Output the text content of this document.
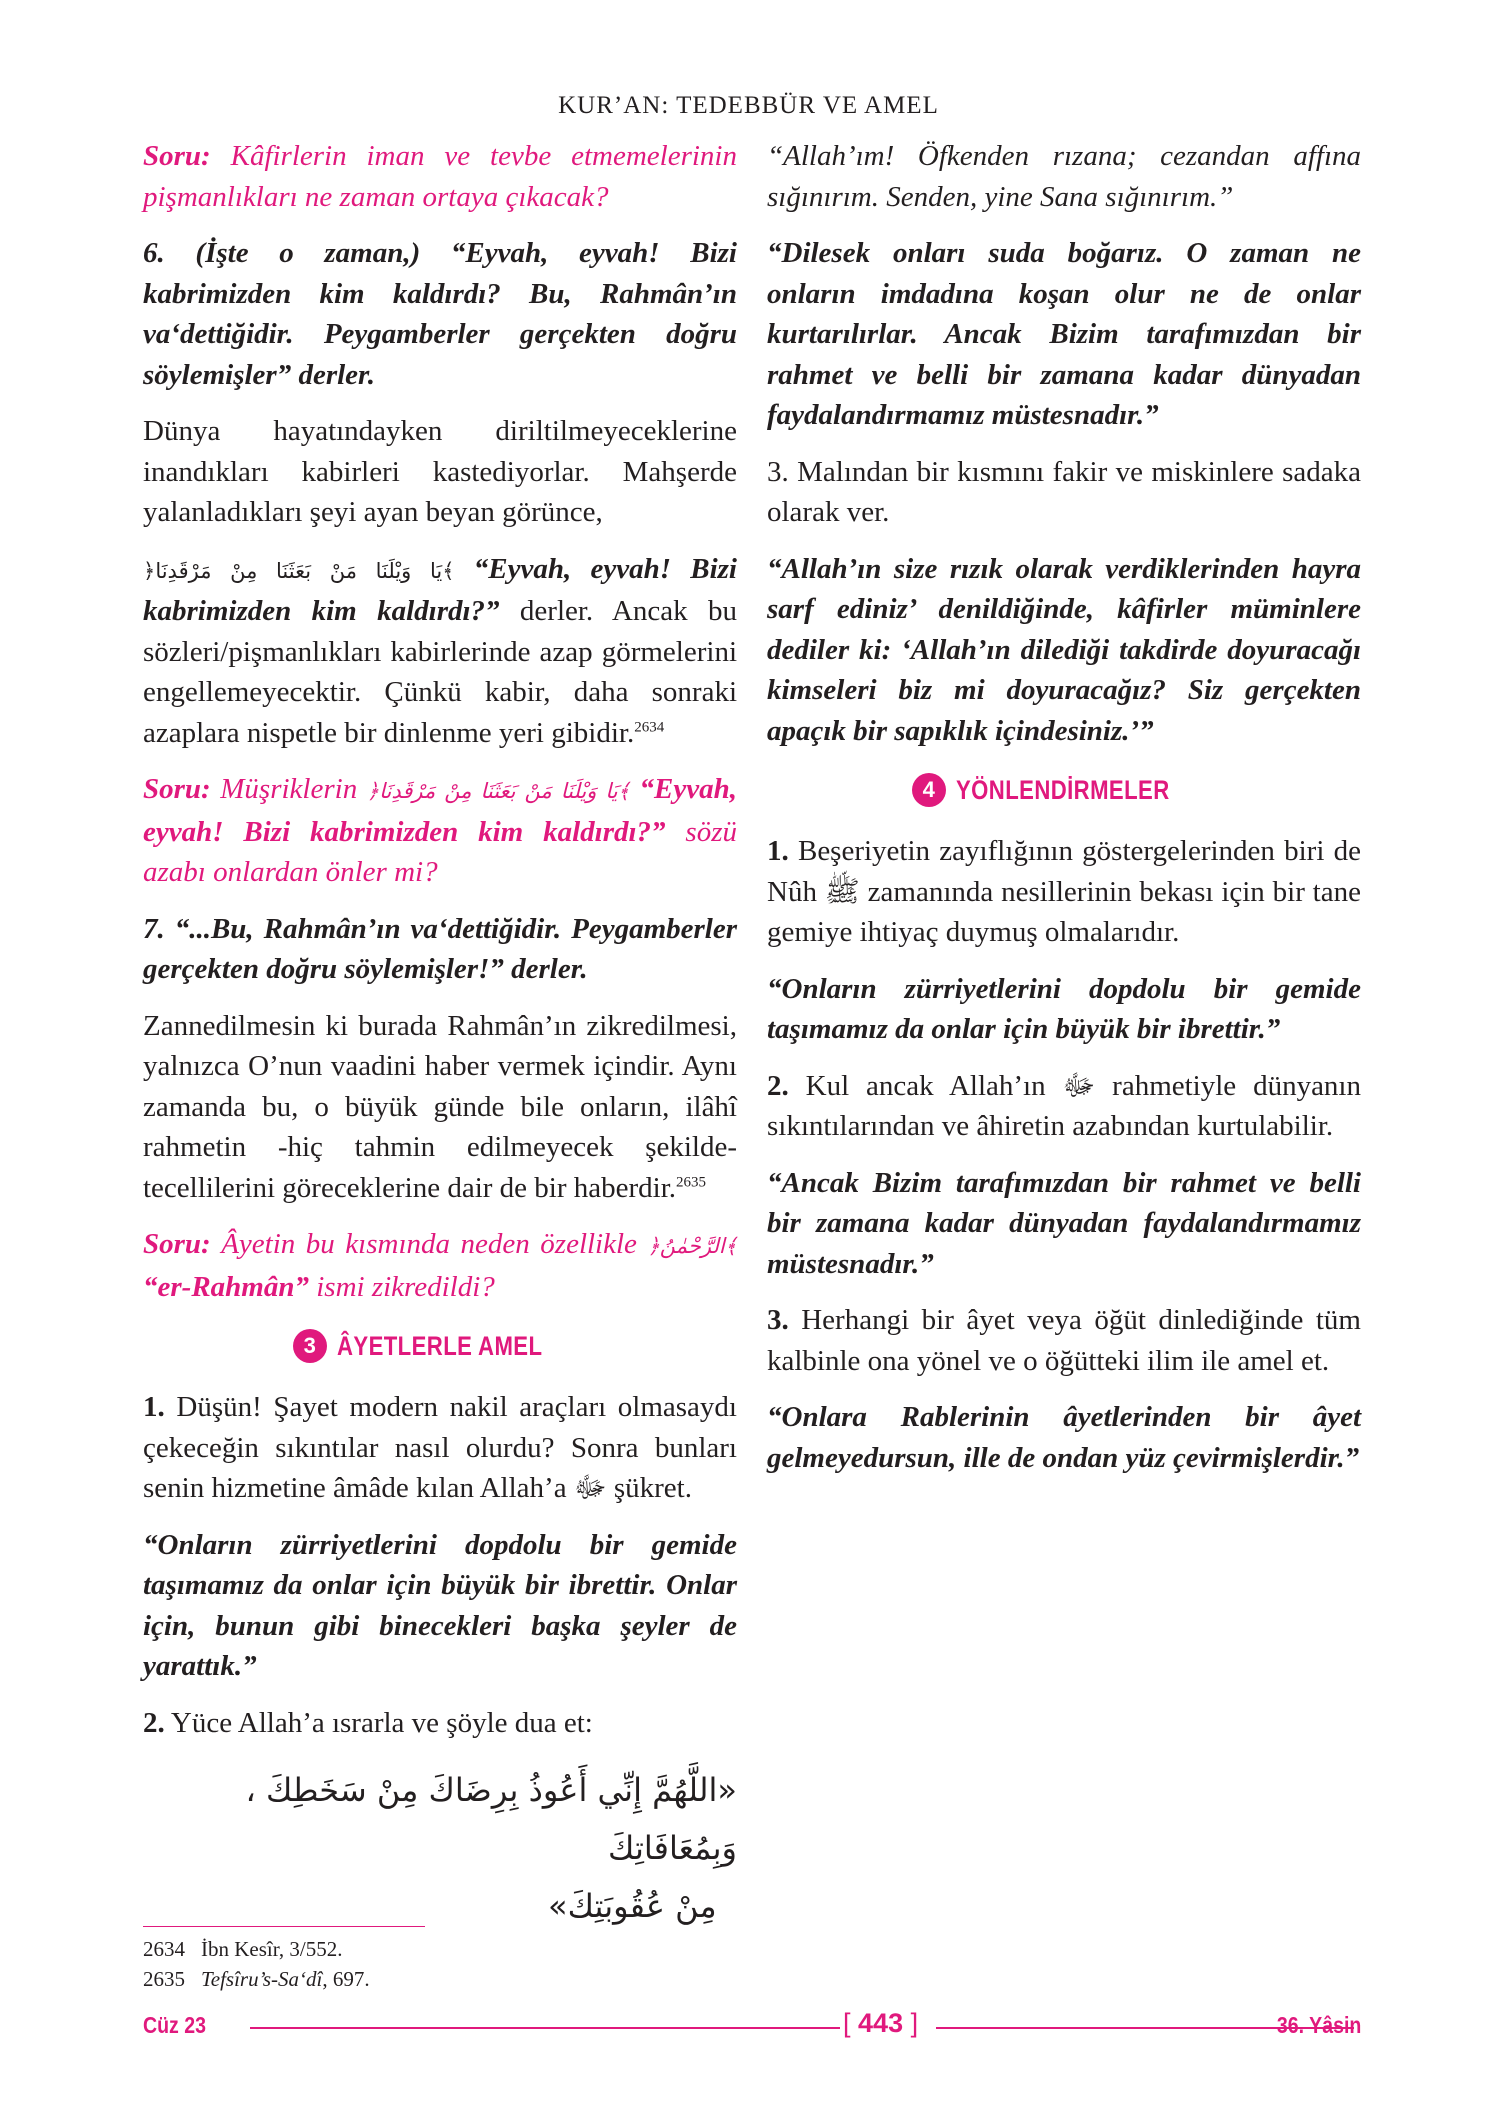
KUR’AN: TEDEBBÜR VE AMEL

Soru: Kâfirlerin iman ve tevbe etmemelerinin pişmanlıkları ne zaman ortaya çıkacak?

6. (İşte o zaman,) “Eyvah, eyvah! Bizi kabrimizden kim kaldırdı? Bu, Rahmân’ın va‘dettiğidir. Peygamberler gerçekten doğru söylemişler” derler.

Dünya hayatındayken diriltilmeyeceklerine inandıkları kabirleri kastediyorlar. Mahşerde yalanladıkları şeyi ayan beyan görünce,

﴿يَا وَيْلَنَا مَنْ بَعَثَنَا مِنْ مَرْقَدِنَا﴾ “Eyvah, eyvah! Bizi kabrimizden kim kaldırdı?” derler. Ancak bu sözleri/pişmanlıkları kabirlerinde azap görmelerini engellemeyecektir. Çünkü kabir, daha sonraki azaplara nispetle bir dinlenme yeri gibidir.$^{2634}$

Soru: Müşriklerin ﴿يَا وَيْلَنَا مَنْ بَعَثَنَا مِنْ مَرْقَدِنَا﴾ “Eyvah, eyvah! Bizi kabrimizden kim kaldırdı?” sözü azabı onlardan önler mi?

7. “...Bu, Rahmân’ın va‘dettiğidir. Peygamberler gerçekten doğru söylemişler!” derler.

Zannedilmesin ki burada Rahmân’ın zikredilmesi, yalnızca O’nun vaadini haber vermek içindir. Aynı zamanda bu, o büyük günde bile onların, ilâhî rahmetin -hiç tahmin edilmeyecek şekilde- tecellilerini göreceklerine dair de bir haberdir.$^{2635}$

Soru: Âyetin bu kısmında neden özellikle ﴿الرَّحْمٰنُ﴾ “er-Rahmân” ismi zikredildi?

3 ÂYETLERLE AMEL

1. Düşün! Şayet modern nakil araçları olmasaydı çekeceğin sıkıntılar nasıl olurdu? Sonra bunları senin hizmetine âmâde kılan Allah’a ﷻ şükret.

“Onların zürriyetlerini dopdolu bir gemide taşımamız da onlar için büyük bir ibrettir. Onlar için, bunun gibi binecekleri başka şeyler de yarattık.”

2. Yüce Allah’a ısrarla ve şöyle dua et:

«اللَّهُمَّ إِنِّي أَعُوذُ بِرِضَاكَ مِنْ سَخَطِكَ ، وَبِمُعَافَاتِكَ

مِنْ عُقُوبَتِكَ»

“Allah’ım! Öfkenden rızana; cezandan affına sığınırım. Senden, yine Sana sığınırım.”

“Dilesek onları suda boğarız. O zaman ne onların imdadına koşan olur ne de onlar kurtarılırlar. Ancak Bizim tarafımızdan bir rahmet ve belli bir zamana kadar dünyadan faydalandırmamız müstesnadır.”

3. Malından bir kısmını fakir ve miskinlere sadaka olarak ver.

“Allah’ın size rızık olarak verdiklerinden hayra sarf ediniz’ denildiğinde, kâfirler müminlere dediler ki: ‘Allah’ın dilediği takdirde doyuracağı kimseleri biz mi doyuracağız? Siz gerçekten apaçık bir sapıklık içindesiniz.’”

4 YÖNLENDİRMELER

1. Beşeriyetin zayıflığının göstergelerinden biri de Nûh ﷺ zamanında nesillerinin bekası için bir tane gemiye ihtiyaç duymuş olmalarıdır.

“Onların zürriyetlerini dopdolu bir gemide taşımamız da onlar için büyük bir ibrettir.”

2. Kul ancak Allah’ın ﷻ rahmetiyle dünyanın sıkıntılarından ve âhiretin azabından kurtulabilir.

“Ancak Bizim tarafımızdan bir rahmet ve belli bir zamana kadar dünyadan faydalandırmamız müstesnadır.”

3. Herhangi bir âyet veya öğüt dinlediğinde tüm kalbinle ona yönel ve o öğütteki ilim ile amel et.

“Onlara Rablerinin âyetlerinden bir âyet gelmeyedursun, ille de ondan yüz çevirmişlerdir.”

2634 İbn Kesîr, 3/552.
2635 Tefsîru’s-Sa‘dî, 697.
Cüz 23	[ 443 ]	36. Yâsin
